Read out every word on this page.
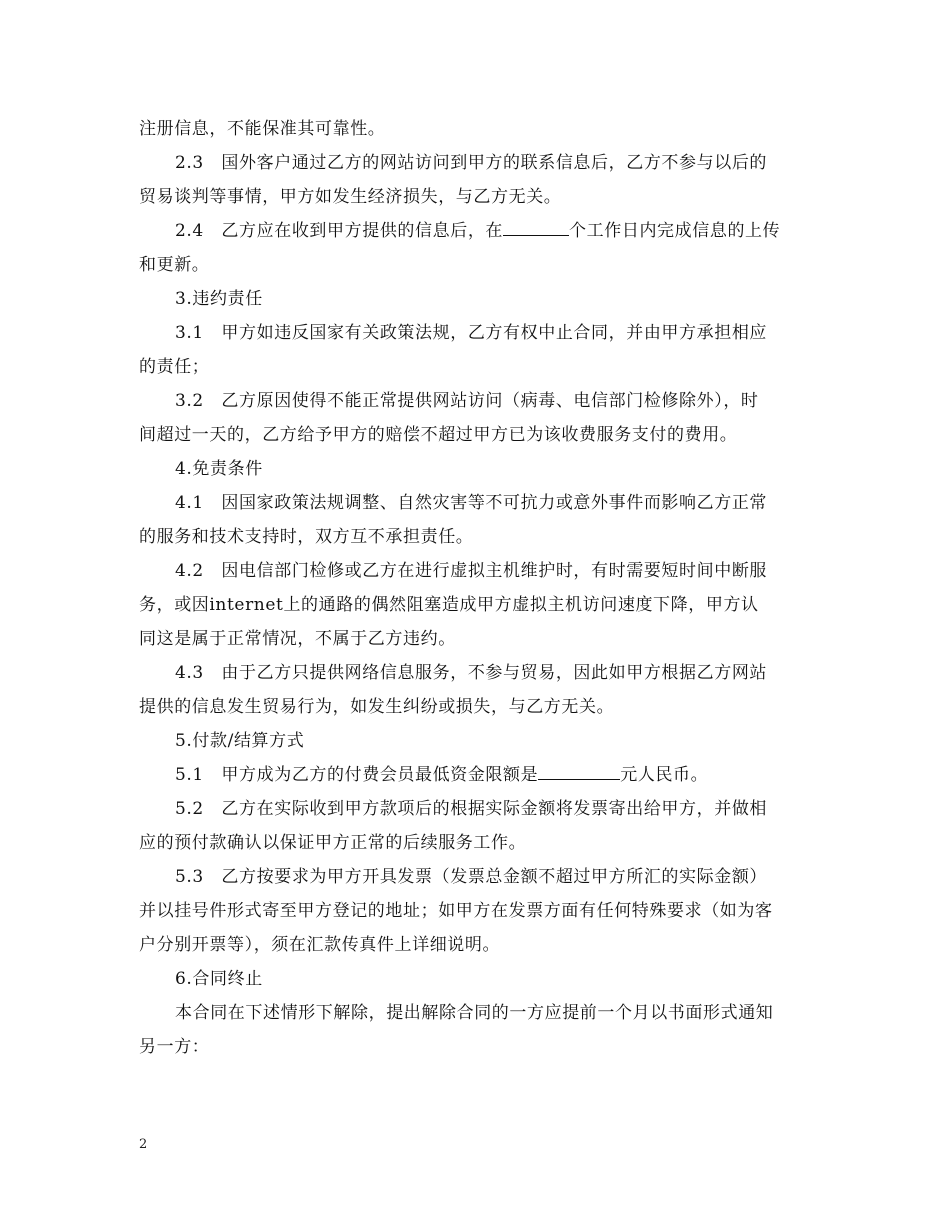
注册信息，不能保准其可靠性。
2.3　国外客户通过乙方的网站访问到甲方的联系信息后，乙方不参与以后的
贸易谈判等事情，甲方如发生经济损失，与乙方无关。
2.4　乙方应在收到甲方提供的信息后，在	个工作日内完成信息的上传
和更新。
3.违约责任
3.1　甲方如违反国家有关政策法规，乙方有权中止合同，并由甲方承担相应
的责任；
3.2　乙方原因使得不能正常提供网站访问（病毒、电信部门检修除外），时
间超过一天的，乙方给予甲方的赔偿不超过甲方已为该收费服务支付的费用。
4.免责条件
4.1　因国家政策法规调整、自然灾害等不可抗力或意外事件而影响乙方正常
的服务和技术支持时，双方互不承担责任。
4.2　因电信部门检修或乙方在进行虚拟主机维护时，有时需要短时间中断服
务，或因internet上的通路的偶然阻塞造成甲方虚拟主机访问速度下降，甲方认
同这是属于正常情况，不属于乙方违约。
4.3　由于乙方只提供网络信息服务，不参与贸易，因此如甲方根据乙方网站
提供的信息发生贸易行为，如发生纠纷或损失，与乙方无关。
5.付款/结算方式
5.1　甲方成为乙方的付费会员最低资金限额是	元人民币。
5.2　乙方在实际收到甲方款项后的根据实际金额将发票寄出给甲方，并做相
应的预付款确认以保证甲方正常的后续服务工作。
5.3　乙方按要求为甲方开具发票（发票总金额不超过甲方所汇的实际金额）
并以挂号件形式寄至甲方登记的地址；如甲方在发票方面有任何特殊要求（如为客
户分别开票等），须在汇款传真件上详细说明。
6.合同终止
本合同在下述情形下解除，提出解除合同的一方应提前一个月以书面形式通知
另一方：
2
